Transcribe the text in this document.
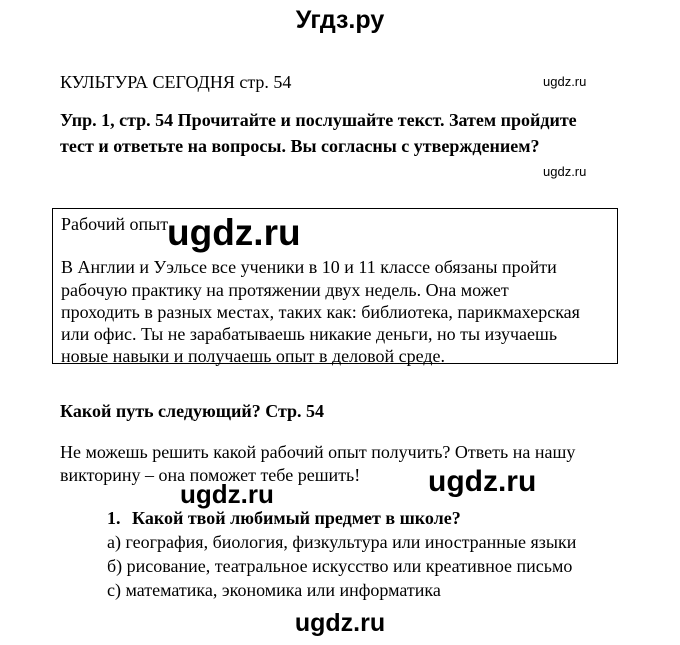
Угдз.ру
КУЛЬТУРА СЕГОДНЯ стр. 54	ugdz.ru
Упр. 1, стр. 54 Прочитайте и послушайте текст. Затем пройдите
тест и ответьте на вопросы. Вы согласны с утверждением?
ugdz.ru
Рабочий опыт
В Англии и Уэльсе все ученики в 10 и 11 классе обязаны пройти
рабочую практику на протяжении двух недель. Она может
проходить в разных местах, таких как: библиотека, парикмахерская
или офис. Ты не зарабатываешь никакие деньги, но ты изучаешь
новые навыки и получаешь опыт в деловой среде.
ugdz.ru
Какой путь следующий? Стр. 54
Не можешь решить какой рабочий опыт получить? Ответь на нашу
викторину – она поможет тебе решить! ugdz.ru
ugdz.ru
1. Какой твой любимый предмет в школе?
а) география, биология, физкультура или иностранные языки
б) рисование, театральное искусство или креативное письмо
с) математика, экономика или информатика
ugdz.ru
